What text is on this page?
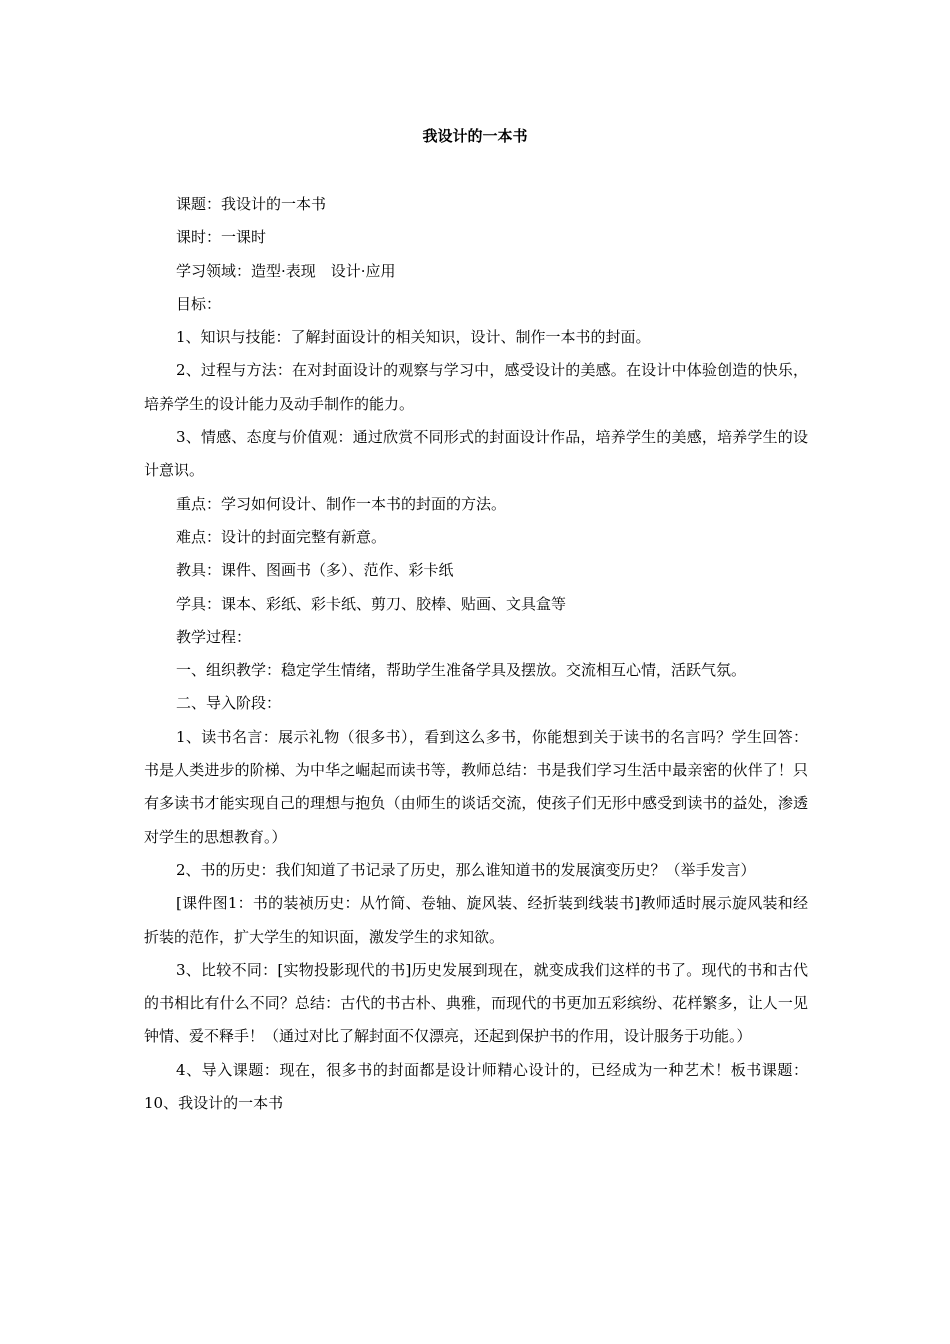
我设计的一本书

课题：我设计的一本书

课时：一课时

学习领域：造型·表现　设计·应用

目标：

1、知识与技能：了解封面设计的相关知识，设计、制作一本书的封面。

2、过程与方法：在对封面设计的观察与学习中，感受设计的美感。在设计中体验创造的快乐，培养学生的设计能力及动手制作的能力。

3、情感、态度与价值观：通过欣赏不同形式的封面设计作品，培养学生的美感，培养学生的设计意识。

重点：学习如何设计、制作一本书的封面的方法。

难点：设计的封面完整有新意。

教具：课件、图画书（多）、范作、彩卡纸

学具：课本、彩纸、彩卡纸、剪刀、胶棒、贴画、文具盒等

教学过程：

一、组织教学：稳定学生情绪，帮助学生准备学具及摆放。交流相互心情，活跃气氛。

二、导入阶段：

1、读书名言：展示礼物（很多书），看到这么多书，你能想到关于读书的名言吗？学生回答：书是人类进步的阶梯、为中华之崛起而读书等，教师总结：书是我们学习生活中最亲密的伙伴了！只有多读书才能实现自己的理想与抱负（由师生的谈话交流，使孩子们无形中感受到读书的益处，渗透对学生的思想教育。）

2、书的历史：我们知道了书记录了历史，那么谁知道书的发展演变历史？（举手发言）

[课件图1：书的装祯历史：从竹简、卷轴、旋风装、经折装到线装书]教师适时展示旋风装和经折装的范作，扩大学生的知识面，激发学生的求知欲。

3、比较不同：[实物投影现代的书]历史发展到现在，就变成我们这样的书了。现代的书和古代的书相比有什么不同？总结：古代的书古朴、典雅，而现代的书更加五彩缤纷、花样繁多，让人一见钟情、爱不释手！（通过对比了解封面不仅漂亮，还起到保护书的作用，设计服务于功能。）

4、导入课题：现在，很多书的封面都是设计师精心设计的，已经成为一种艺术！板书课题：10、我设计的一本书
